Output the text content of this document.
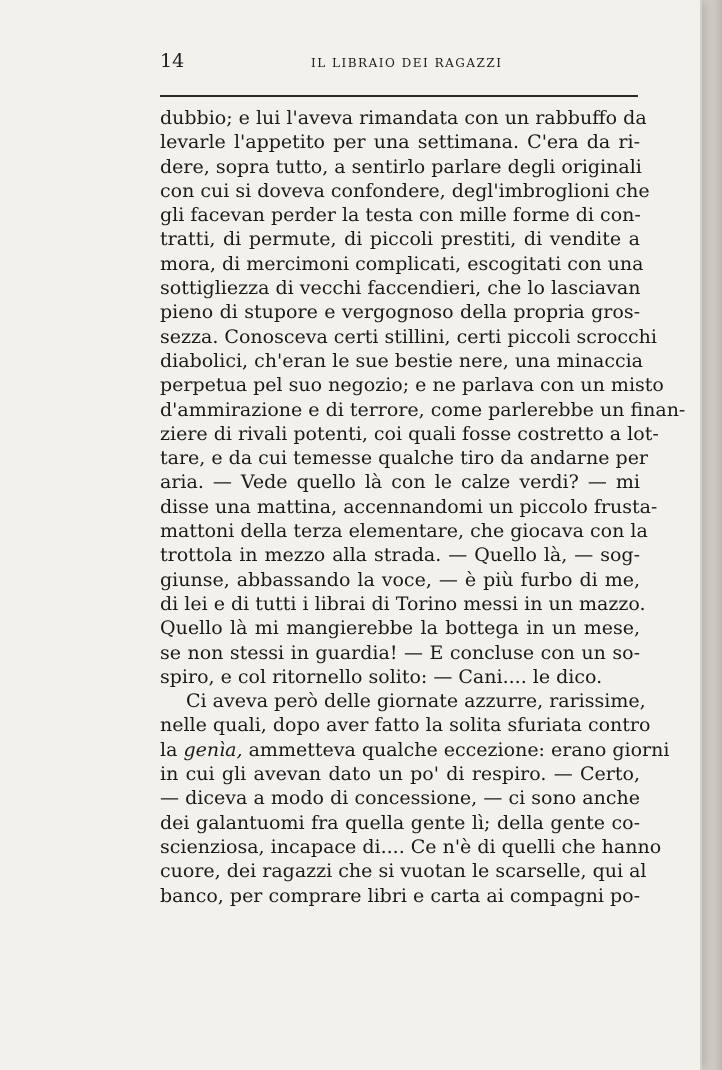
14	IL LIBRAIO DEI RAGAZZI
dubbio; e lui l'aveva rimandata con un rabbuffo da
levarle l'appetito per una settimana. C'era da ri-
dere, sopra tutto, a sentirlo parlare degli originali
con cui si doveva confondere, degl'imbroglioni che
gli facevan perder la testa con mille forme di con-
tratti, di permute, di piccoli prestiti, di vendite a
mora, di mercimoni complicati, escogitati con una
sottigliezza di vecchi faccendieri, che lo lasciavan
pieno di stupore e vergognoso della propria gros-
sezza. Conosceva certi stillini, certi piccoli scrocchi
diabolici, ch'eran le sue bestie nere, una minaccia
perpetua pel suo negozio; e ne parlava con un misto
d'ammirazione e di terrore, come parlerebbe un finan-
ziere di rivali potenti, coi quali fosse costretto a lot-
tare, e da cui temesse qualche tiro da andarne per
aria. — Vede quello là con le calze verdi? — mi
disse una mattina, accennandomi un piccolo frusta-
mattoni della terza elementare, che giocava con la
trottola in mezzo alla strada. — Quello là, — sog-
giunse, abbassando la voce, — è più furbo di me,
di lei e di tutti i librai di Torino messi in un mazzo.
Quello là mi mangierebbe la bottega in un mese,
se non stessi in guardia! — E concluse con un so-
spiro, e col ritornello solito: — Cani.... le dico.
Ci aveva però delle giornate azzurre, rarissime,
nelle quali, dopo aver fatto la solita sfuriata contro
la genìa, ammetteva qualche eccezione: erano giorni
in cui gli avevan dato un po' di respiro. — Certo,
— diceva a modo di concessione, — ci sono anche
dei galantuomi fra quella gente lì; della gente co-
scienziosa, incapace di.... Ce n'è di quelli che hanno
cuore, dei ragazzi che si vuotan le scarselle, qui al
banco, per comprare libri e carta ai compagni po-
